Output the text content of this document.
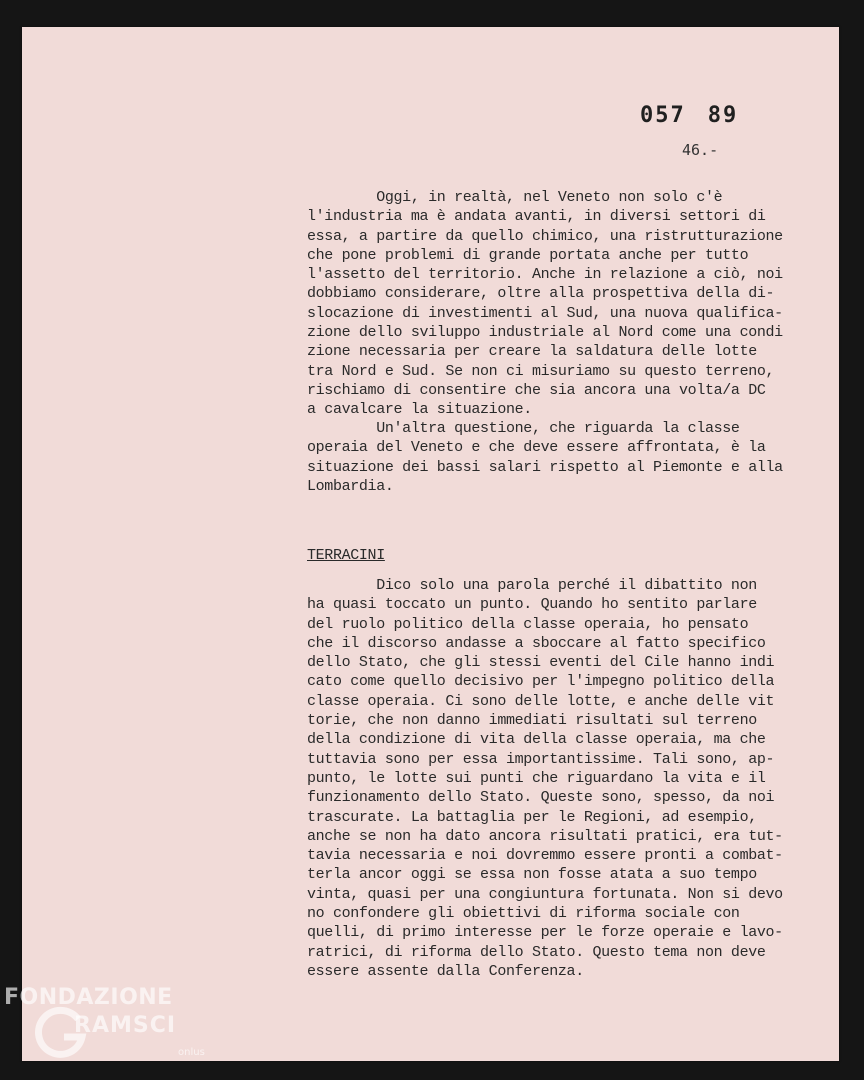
057 89
46.-
Oggi, in realtà, nel Veneto non solo c'è
l'industria ma è andata avanti, in diversi settori di
essa, a partire da quello chimico, una ristrutturazione
che pone problemi di grande portata anche per tutto
l'assetto del territorio. Anche in relazione a ciò, noi
dobbiamo considerare, oltre alla prospettiva della di-
slocazione di investimenti al Sud, una nuova qualifica-
zione dello sviluppo industriale al Nord come una condi
zione necessaria per creare la saldatura delle lotte
tra Nord e Sud. Se non ci misuriamo su questo terreno,
rischiamo di consentire che sia ancora una volta/a DC
a cavalcare la situazione.
Un'altra questione, che riguarda la classe
operaia del Veneto e che deve essere affrontata, è la
situazione dei bassi salari rispetto al Piemonte e alla
Lombardia.
TERRACINI
Dico solo una parola perché il dibattito non
ha quasi toccato un punto. Quando ho sentito parlare
del ruolo politico della classe operaia, ho pensato
che il discorso andasse a sboccare al fatto specifico
dello Stato, che gli stessi eventi del Cile hanno indi
cato come quello decisivo per l'impegno politico della
classe operaia. Ci sono delle lotte, e anche delle vit
torie, che non danno immediati risultati sul terreno
della condizione di vita della classe operaia, ma che
tuttavia sono per essa importantissime. Tali sono, ap-
punto, le lotte sui punti che riguardano la vita e il
funzionamento dello Stato. Queste sono, spesso, da noi
trascurate. La battaglia per le Regioni, ad esempio,
anche se non ha dato ancora risultati pratici, era tut-
tavia necessaria e noi dovremmo essere pronti a combat-
terla ancor oggi se essa non fosse atata a suo tempo
vinta, quasi per una congiuntura fortunata. Non si devo
no confondere gli obiettivi di riforma sociale con
quelli, di primo interesse per le forze operaie e lavo-
ratrici, di riforma dello Stato. Questo tema non deve
essere assente dalla Conferenza.
FONDAZIONE
RAMSCI
onlus
